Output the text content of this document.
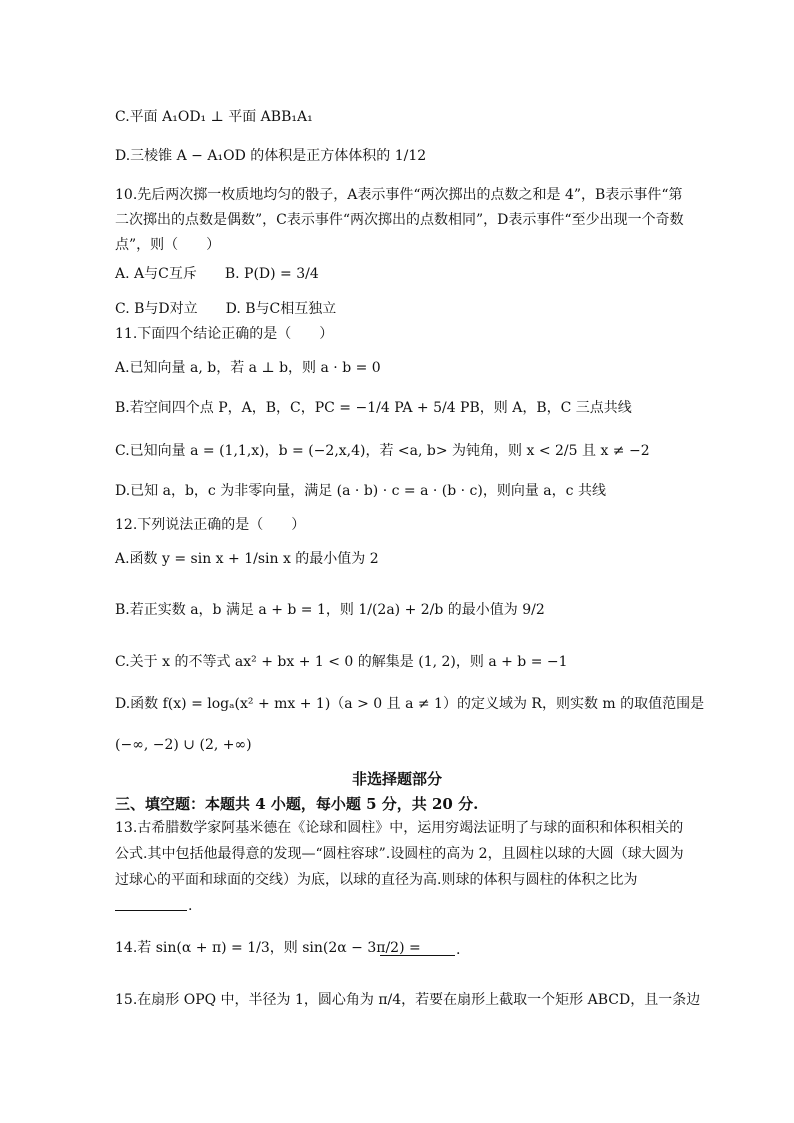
C.平面 A₁OD₁ ⊥ 平面 ABB₁A₁
D.三棱锥 A − A₁OD 的体积是正方体体积的 1/12
10.先后两次掷一枚质地均匀的骰子，A表示事件“两次掷出的点数之和是 4”，B表示事件“第
二次掷出的点数是偶数”，C表示事件“两次掷出的点数相同”，D表示事件“至少出现一个奇数
点”，则（　　）
A. A与C互斥　　B. P(D) = 3/4
C. B与D对立　　D. B与C相互独立
11.下面四个结论正确的是（　　）
A.已知向量 a, b，若 a ⊥ b，则 a · b = 0
B.若空间四个点 P，A，B，C，PC = −1/4 PA + 5/4 PB，则 A，B，C 三点共线
C.已知向量 a = (1,1,x)，b = (−2,x,4)，若 <a, b> 为钝角，则 x < 2/5 且 x ≠ −2
D.已知 a，b，c 为非零向量，满足 (a · b) · c = a · (b · c)，则向量 a，c 共线
12.下列说法正确的是（　　）
A.函数 y = sin x + 1/sin x 的最小值为 2
B.若正实数 a，b 满足 a + b = 1，则 1/(2a) + 2/b 的最小值为 9/2
C.关于 x 的不等式 ax² + bx + 1 < 0 的解集是 (1, 2)，则 a + b = −1
D.函数 f(x) = logₐ(x² + mx + 1)（a > 0 且 a ≠ 1）的定义域为 R，则实数 m 的取值范围是
(−∞, −2) ∪ (2, +∞)
非选择题部分
三、填空题：本题共 4 小题，每小题 5 分，共 20 分.
13.古希腊数学家阿基米德在《论球和圆柱》中，运用穷竭法证明了与球的面积和体积相关的
公式.其中包括他最得意的发现—“圆柱容球”.设圆柱的高为 2，且圆柱以球的大圆（球大圆为
过球心的平面和球面的交线）为底，以球的直径为高.则球的体积与圆柱的体积之比为
.
14.若 sin(α + π) = 1/3，则 sin(2α − 3π/2) =	.
15.在扇形 OPQ 中，半径为 1，圆心角为 π/4，若要在扇形上截取一个矩形 ABCD，且一条边
